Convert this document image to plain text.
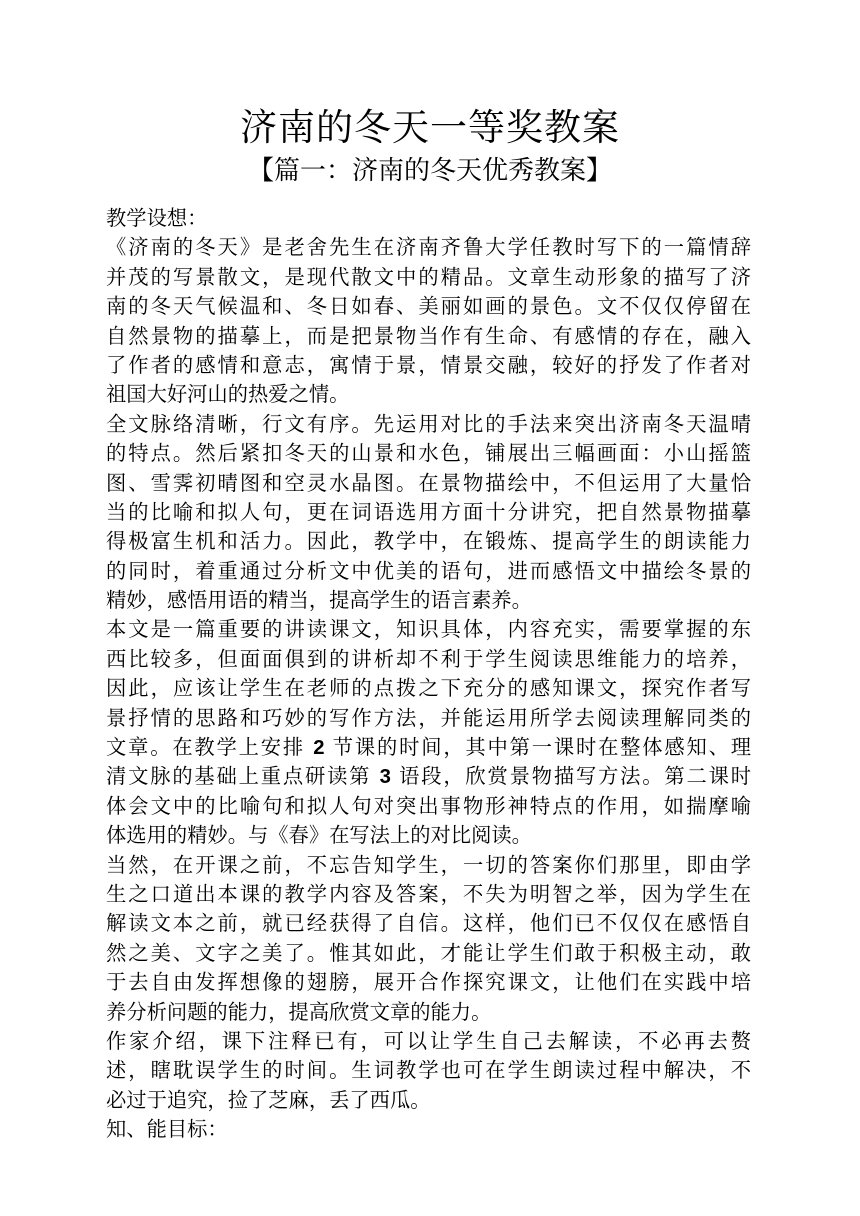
济南的冬天一等奖教案
【篇一：济南的冬天优秀教案】
教学设想：
《济南的冬天》是老舍先生在济南齐鲁大学任教时写下的一篇情辞
并茂的写景散文，是现代散文中的精品。文章生动形象的描写了济
南的冬天气候温和、冬日如春、美丽如画的景色。文不仅仅停留在
自然景物的描摹上，而是把景物当作有生命、有感情的存在，融入
了作者的感情和意志，寓情于景，情景交融，较好的抒发了作者对
祖国大好河山的热爱之情。
全文脉络清晰，行文有序。先运用对比的手法来突出济南冬天温晴
的特点。然后紧扣冬天的山景和水色，铺展出三幅画面：小山摇篮
图、雪霁初晴图和空灵水晶图。在景物描绘中，不但运用了大量恰
当的比喻和拟人句，更在词语选用方面十分讲究，把自然景物描摹
得极富生机和活力。因此，教学中，在锻炼、提高学生的朗读能力
的同时，着重通过分析文中优美的语句，进而感悟文中描绘冬景的
精妙，感悟用语的精当，提高学生的语言素养。
本文是一篇重要的讲读课文，知识具体，内容充实，需要掌握的东
西比较多，但面面俱到的讲析却不利于学生阅读思维能力的培养，
因此，应该让学生在老师的点拨之下充分的感知课文，探究作者写
景抒情的思路和巧妙的写作方法，并能运用所学去阅读理解同类的
文章。在教学上安排 2 节课的时间，其中第一课时在整体感知、理
清文脉的基础上重点研读第 3 语段，欣赏景物描写方法。第二课时
体会文中的比喻句和拟人句对突出事物形神特点的作用，如揣摩喻
体选用的精妙。与《春》在写法上的对比阅读。
当然，在开课之前，不忘告知学生，一切的答案你们那里，即由学
生之口道出本课的教学内容及答案，不失为明智之举，因为学生在
解读文本之前，就已经获得了自信。这样，他们已不仅仅在感悟自
然之美、文字之美了。惟其如此，才能让学生们敢于积极主动，敢
于去自由发挥想像的翅膀，展开合作探究课文，让他们在实践中培
养分析问题的能力，提高欣赏文章的能力。
作家介绍，课下注释已有，可以让学生自己去解读，不必再去赘
述，瞎耽误学生的时间。生词教学也可在学生朗读过程中解决，不
必过于追究，捡了芝麻，丢了西瓜。
知、能目标：
